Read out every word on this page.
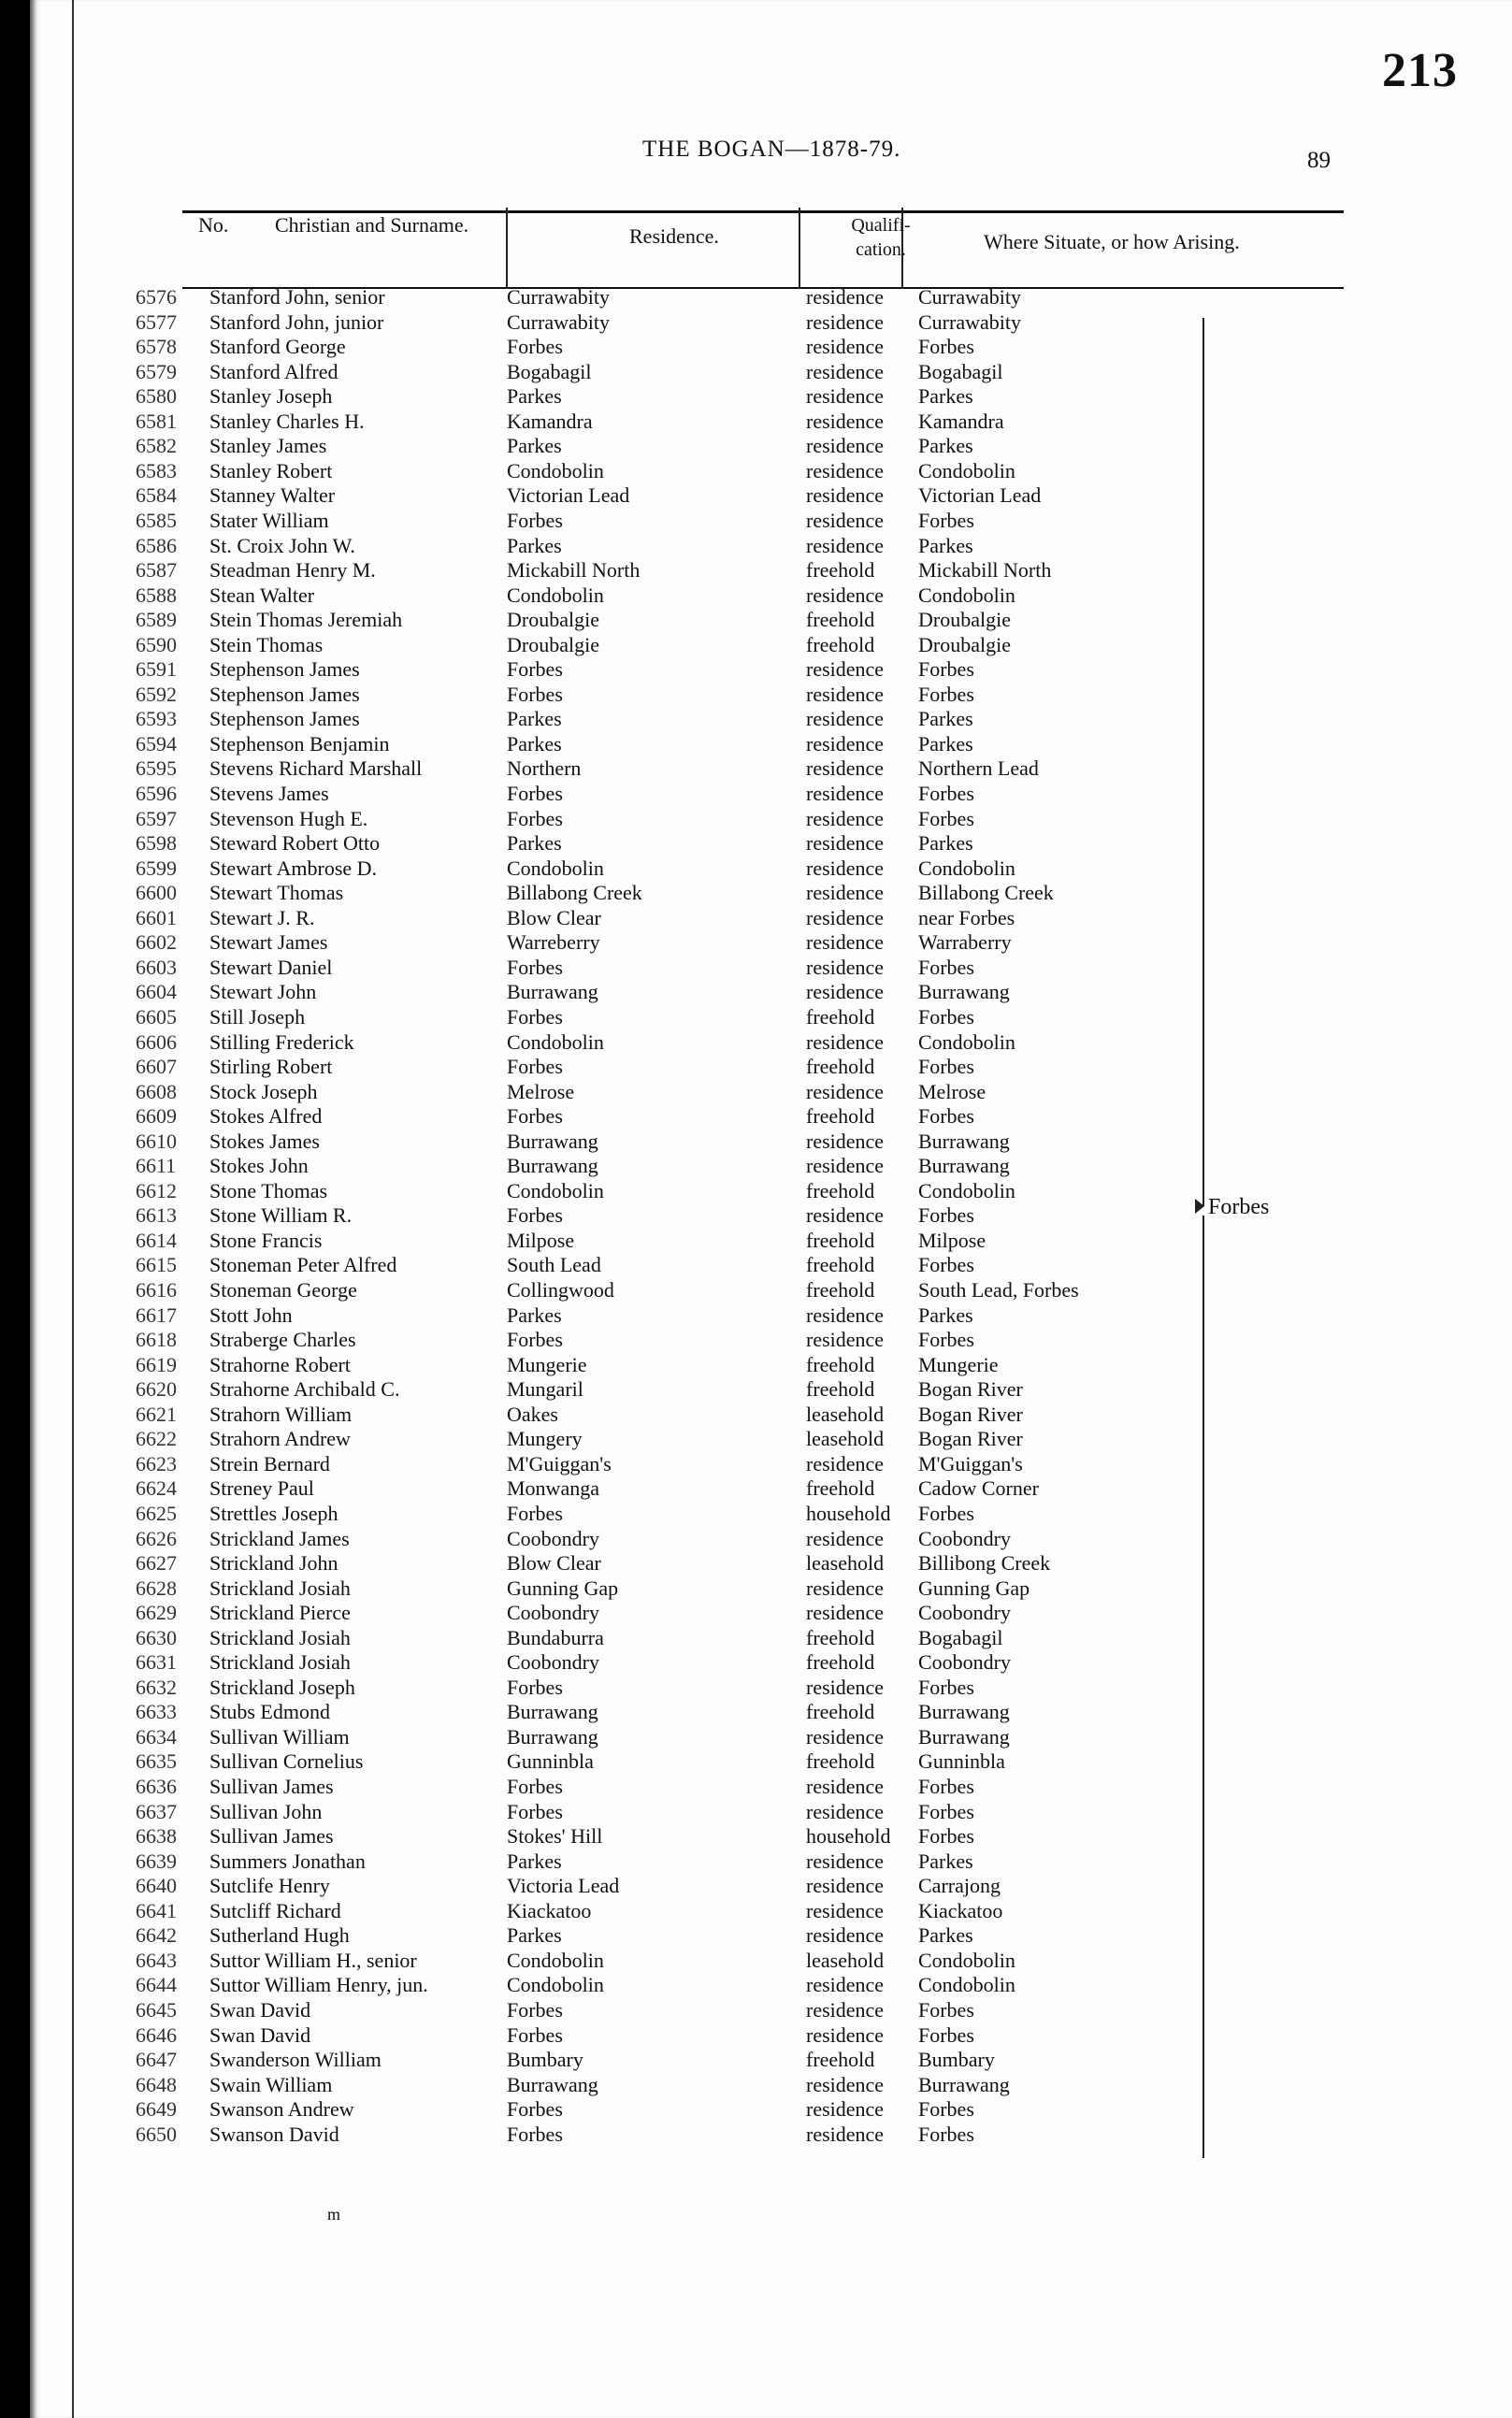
213
THE BOGAN—1878-79.	89
No. Christian and Surname.	Residence.	Qualifi-
cation.	Where Situate, or how Arising.
6576 Stanford John, senior	Currawabity	residence Currawabity
6577 Stanford John, junior	Currawabity	residence Currawabity
6578 Stanford George	Forbes	residence Forbes
6579 Stanford Alfred	Bogabagil	residence Bogabagil
6580 Stanley Joseph	Parkes	residence Parkes
6581 Stanley Charles H.	Kamandra	residence Kamandra
6582 Stanley James	Parkes	residence Parkes
6583 Stanley Robert	Condobolin	residence Condobolin
6584 Stanney Walter	Victorian Lead	residence Victorian Lead
6585 Stater William	Forbes	residence Forbes
6586 St. Croix John W.	Parkes	residence Parkes
6587 Steadman Henry M.	Mickabill North	freehold Mickabill North
6588 Stean Walter	Condobolin	residence Condobolin
6589 Stein Thomas Jeremiah	Droubalgie	freehold Droubalgie
6590 Stein Thomas	Droubalgie	freehold Droubalgie
6591 Stephenson James	Forbes	residence Forbes
6592 Stephenson James	Forbes	residence Forbes
6593 Stephenson James	Parkes	residence Parkes
6594 Stephenson Benjamin	Parkes	residence Parkes
6595 Stevens Richard Marshall	Northern	residence Northern Lead
6596 Stevens James	Forbes	residence Forbes
6597 Stevenson Hugh E.	Forbes	residence Forbes
6598 Steward Robert Otto	Parkes	residence Parkes
6599 Stewart Ambrose D.	Condobolin	residence Condobolin
6600 Stewart Thomas	Billabong Creek	residence Billabong Creek
6601 Stewart J. R.	Blow Clear	residence near Forbes
6602 Stewart James	Warreberry	residence Warraberry
6603 Stewart Daniel	Forbes	residence Forbes
6604 Stewart John	Burrawang	residence Burrawang
6605 Still Joseph	Forbes	freehold Forbes
6606 Stilling Frederick	Condobolin	residence Condobolin
6607 Stirling Robert	Forbes	freehold Forbes
6608 Stock Joseph	Melrose	residence Melrose
6609 Stokes Alfred	Forbes	freehold Forbes
6610 Stokes James	Burrawang	residence Burrawang
6611 Stokes John	Burrawang	residence Burrawang
6612 Stone Thomas	Condobolin	freehold Condobolin
6613 Stone William R.	Forbes	residence Forbes
6614 Stone Francis	Milpose	freehold Milpose
6615 Stoneman Peter Alfred	South Lead	freehold Forbes
6616 Stoneman George	Collingwood	freehold South Lead, Forbes
6617 Stott John	Parkes	residence Parkes
6618 Straberge Charles	Forbes	residence Forbes
6619 Strahorne Robert	Mungerie	freehold Mungerie
6620 Strahorne Archibald C.	Mungaril	freehold Bogan River
6621 Strahorn William	Oakes	leasehold Bogan River
6622 Strahorn Andrew	Mungery	leasehold Bogan River
6623 Strein Bernard	M'Guiggan's	residence M'Guiggan's
6624 Streney Paul	Monwanga	freehold Cadow Corner
6625 Strettles Joseph	Forbes	household Forbes
6626 Strickland James	Coobondry	residence Coobondry
6627 Strickland John	Blow Clear	leasehold Billibong Creek
6628 Strickland Josiah	Gunning Gap	residence Gunning Gap
6629 Strickland Pierce	Coobondry	residence Coobondry
6630 Strickland Josiah	Bundaburra	freehold Bogabagil
6631 Strickland Josiah	Coobondry	freehold Coobondry
6632 Strickland Joseph	Forbes	residence Forbes
6633 Stubs Edmond	Burrawang	freehold Burrawang
6634 Sullivan William	Burrawang	residence Burrawang
6635 Sullivan Cornelius	Gunninbla	freehold Gunninbla
6636 Sullivan James	Forbes	residence Forbes
6637 Sullivan John	Forbes	residence Forbes
6638 Sullivan James	Stokes' Hill	household Forbes
6639 Summers Jonathan	Parkes	residence Parkes
6640 Sutclife Henry	Victoria Lead	residence Carrajong
6641 Sutcliff Richard	Kiackatoo	residence Kiackatoo
6642 Sutherland Hugh	Parkes	residence Parkes
6643 Suttor William H., senior	Condobolin	leasehold Condobolin
6644 Suttor William Henry, jun.	Condobolin	residence Condobolin
6645 Swan David	Forbes	residence Forbes
6646 Swan David	Forbes	residence Forbes
6647 Swanderson William	Bumbary	freehold Bumbary
6648 Swain William	Burrawang	residence Burrawang
6649 Swanson Andrew	Forbes	residence Forbes
6650 Swanson David	Forbes	residence Forbes
Forbes
m
